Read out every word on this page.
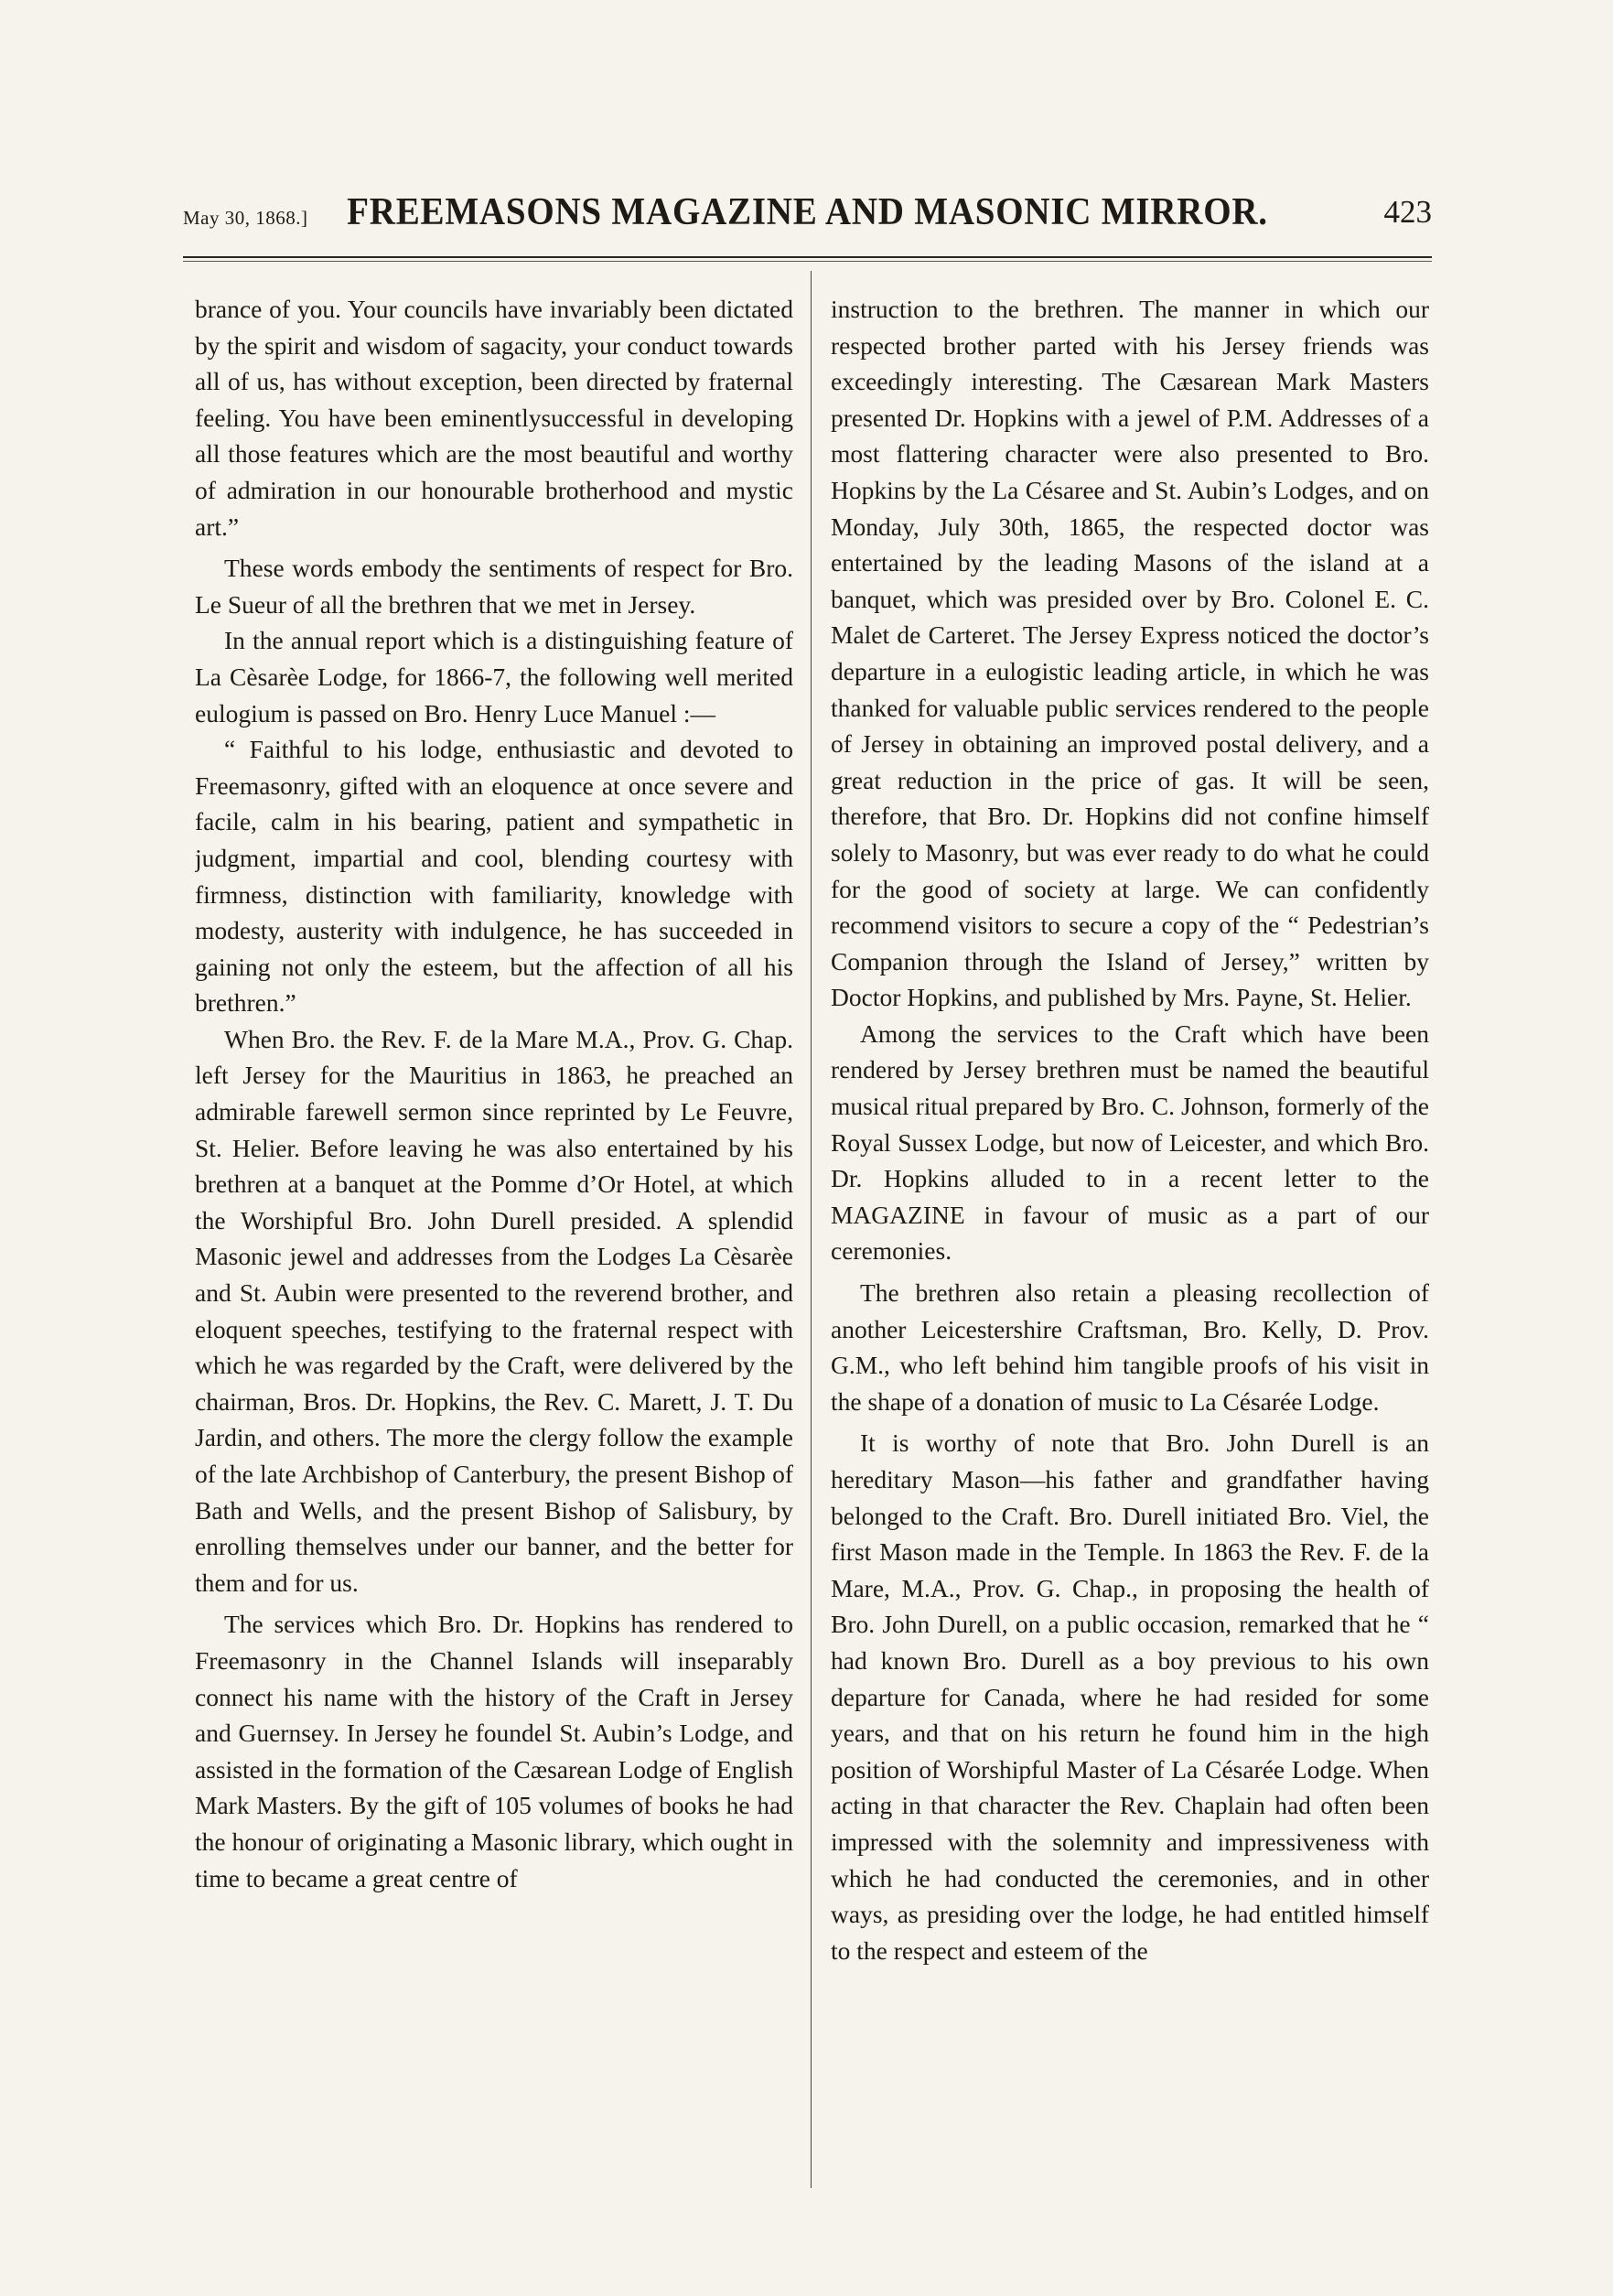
May 30, 1868.]	FREEMASONS MAGAZINE AND MASONIC MIRROR.	423

brance of you. Your councils have invariably been dictated by the spirit and wisdom of sagacity, your conduct towards all of us, has without exception, been directed by fraternal feeling. You have been eminentlysuccessful in developing all those features which are the most beautiful and worthy of admiration in our honourable brotherhood and mystic art.”

These words embody the sentiments of respect for Bro. Le Sueur of all the brethren that we met in Jersey.

In the annual report which is a distinguishing feature of La Cèsarèe Lodge, for 1866-7, the following well merited eulogium is passed on Bro. Henry Luce Manuel :—

“ Faithful to his lodge, enthusiastic and devoted to Freemasonry, gifted with an eloquence at once severe and facile, calm in his bearing, patient and sympathetic in judgment, impartial and cool, blending courtesy with firmness, distinction with familiarity, knowledge with modesty, austerity with indulgence, he has succeeded in gaining not only the esteem, but the affection of all his brethren.”

When Bro. the Rev. F. de la Mare M.A., Prov. G. Chap. left Jersey for the Mauritius in 1863, he preached an admirable farewell sermon since reprinted by Le Feuvre, St. Helier. Before leaving he was also entertained by his brethren at a banquet at the Pomme d’Or Hotel, at which the Worshipful Bro. John Durell presided. A splendid Masonic jewel and addresses from the Lodges La Cèsarèe and St. Aubin were presented to the reverend brother, and eloquent speeches, testifying to the fraternal respect with which he was regarded by the Craft, were delivered by the chairman, Bros. Dr. Hopkins, the Rev. C. Marett, J. T. Du Jardin, and others. The more the clergy follow the example of the late Archbishop of Canterbury, the present Bishop of Bath and Wells, and the present Bishop of Salisbury, by enrolling themselves under our banner, and the better for them and for us.

The services which Bro. Dr. Hopkins has rendered to Freemasonry in the Channel Islands will inseparably connect his name with the history of the Craft in Jersey and Guernsey. In Jersey he foundel St. Aubin’s Lodge, and assisted in the formation of the Cæsarean Lodge of English Mark Masters. By the gift of 105 volumes of books he had the honour of originating a Masonic library, which ought in time to became a great centre of

instruction to the brethren. The manner in which our respected brother parted with his Jersey friends was exceedingly interesting. The Cæsarean Mark Masters presented Dr. Hopkins with a jewel of P.M. Addresses of a most flattering character were also presented to Bro. Hopkins by the La Césaree and St. Aubin’s Lodges, and on Monday, July 30th, 1865, the respected doctor was entertained by the leading Masons of the island at a banquet, which was presided over by Bro. Colonel E. C. Malet de Carteret. The Jersey Express noticed the doctor’s departure in a eulogistic leading article, in which he was thanked for valuable public services rendered to the people of Jersey in obtaining an improved postal delivery, and a great reduction in the price of gas. It will be seen, therefore, that Bro. Dr. Hopkins did not confine himself solely to Masonry, but was ever ready to do what he could for the good of society at large. We can confidently recommend visitors to secure a copy of the “ Pedestrian’s Companion through the Island of Jersey,” written by Doctor Hopkins, and published by Mrs. Payne, St. Helier.

Among the services to the Craft which have been rendered by Jersey brethren must be named the beautiful musical ritual prepared by Bro. C. Johnson, formerly of the Royal Sussex Lodge, but now of Leicester, and which Bro. Dr. Hopkins alluded to in a recent letter to the MAGAZINE in favour of music as a part of our ceremonies.

The brethren also retain a pleasing recollection of another Leicestershire Craftsman, Bro. Kelly, D. Prov. G.M., who left behind him tangible proofs of his visit in the shape of a donation of music to La Césarée Lodge.

It is worthy of note that Bro. John Durell is an hereditary Mason—his father and grandfather having belonged to the Craft. Bro. Durell initiated Bro. Viel, the first Mason made in the Temple. In 1863 the Rev. F. de la Mare, M.A., Prov. G. Chap., in proposing the health of Bro. John Durell, on a public occasion, remarked that he “ had known Bro. Durell as a boy previous to his own departure for Canada, where he had resided for some years, and that on his return he found him in the high position of Worshipful Master of La Césarée Lodge. When acting in that character the Rev. Chaplain had often been impressed with the solemnity and impressiveness with which he had conducted the ceremonies, and in other ways, as presiding over the lodge, he had entitled himself to the respect and esteem of the
